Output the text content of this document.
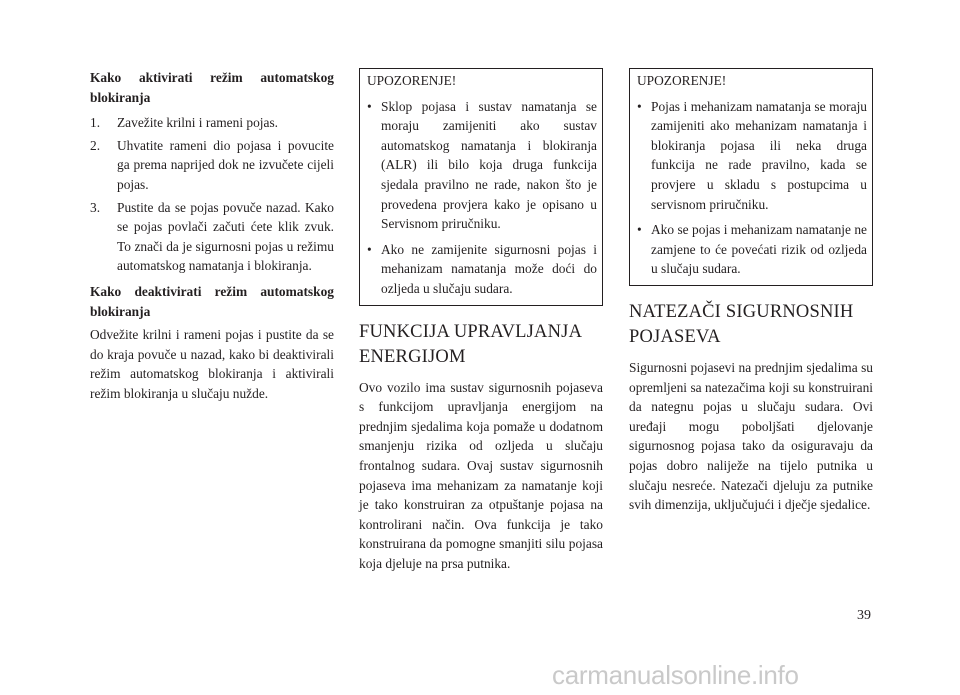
Kako aktivirati režim automatskog blokiranja

1. Zavežite krilni i rameni pojas.
2. Uhvatite rameni dio pojasa i povucite ga prema naprijed dok ne izvučete cijeli pojas.
3. Pustite da se pojas povuče nazad. Kako se pojas povlači začuti ćete klik zvuk. To znači da je sigurnosni pojas u režimu automatskog namatanja i blokiranja.

Kako deaktivirati režim automatskog blokiranja

Odvežite krilni i rameni pojas i pustite da se do kraja povuče u nazad, kako bi deaktivirali režim automatskog blokiranja i aktivirali režim blokiranja u slučaju nužde.

UPOZORENJE!

• Sklop pojasa i sustav namatanja se moraju zamijeniti ako sustav automatskog namatanja i blokiranja (ALR) ili bilo koja druga funkcija sjedala pravilno ne rade, nakon što je provedena provjera kako je opisano u Servisnom priručniku.
• Ako ne zamijenite sigurnosni pojas i mehanizam namatanja može doći do ozljeda u slučaju sudara.
FUNKCIJA UPRAVLJANJA ENERGIJOM

Ovo vozilo ima sustav sigurnosnih pojaseva s funkcijom upravljanja energijom na prednjim sjedalima koja pomaže u dodatnom smanjenju rizika od ozljeda u slučaju frontalnog sudara. Ovaj sustav sigurnosnih pojaseva ima mehanizam za namatanje koji je tako konstruiran za otpuštanje pojasa na kontrolirani način. Ova funkcija je tako konstruirana da pomogne smanjiti silu pojasa koja djeluje na prsa putnika.

UPOZORENJE!

• Pojas i mehanizam namatanja se moraju zamijeniti ako mehanizam namatanja i blokiranja pojasa ili neka druga funkcija ne rade pravilno, kada se provjere u skladu s postupcima u servisnom priručniku.
• Ako se pojas i mehanizam namatanje ne zamjene to će povećati rizik od ozljeda u slučaju sudara.
NATEZAČI SIGURNOSNIH POJASEVA

Sigurnosni pojasevi na prednjim sjedalima su opremljeni sa natezačima koji su konstruirani da nategnu pojas u slučaju sudara. Ovi uređaji mogu poboljšati djelovanje sigurnosnog pojasa tako da osiguravaju da pojas dobro naliježe na tijelo putnika u slučaju nesreće. Natezači djeluju za putnike svih dimenzija, uključujući i dječje sjedalice.

39
carmanualsonline.info
